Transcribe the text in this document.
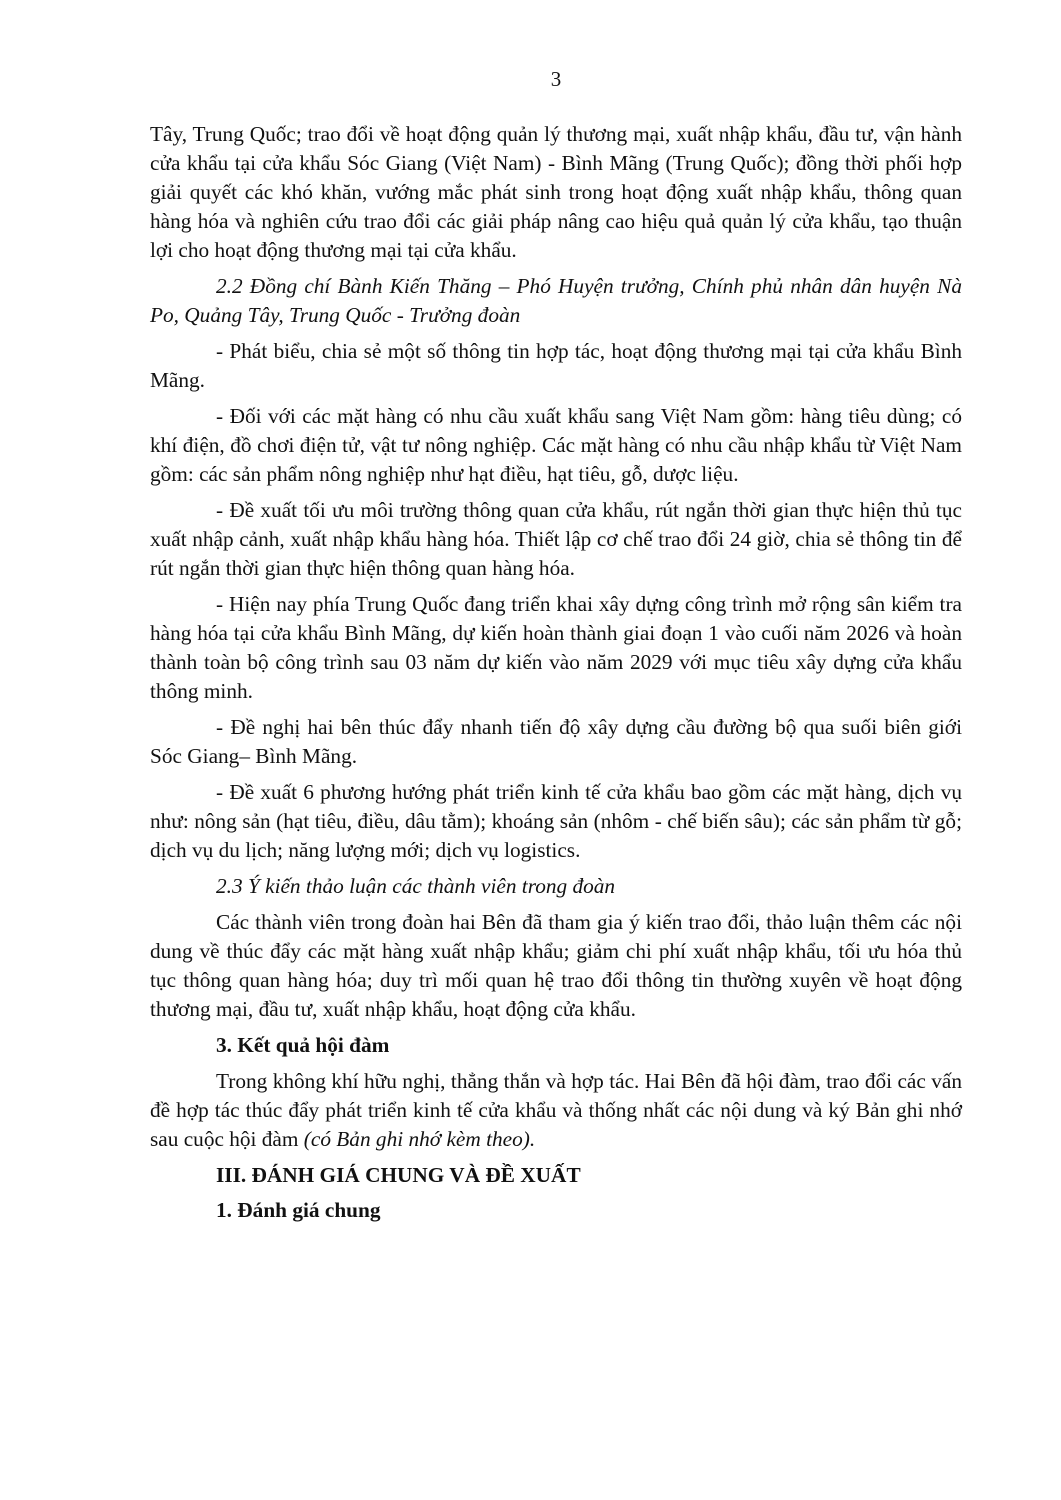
3

Tây, Trung Quốc; trao đổi về hoạt động quản lý thương mại, xuất nhập khẩu, đầu tư, vận hành cửa khẩu tại cửa khẩu Sóc Giang (Việt Nam) - Bình Mãng (Trung Quốc); đồng thời phối hợp giải quyết các khó khăn, vướng mắc phát sinh trong hoạt động xuất nhập khẩu, thông quan hàng hóa và nghiên cứu trao đổi các giải pháp nâng cao hiệu quả quản lý cửa khẩu, tạo thuận lợi cho hoạt động thương mại tại cửa khẩu.

2.2 Đồng chí Bành Kiến Thăng – Phó Huyện trưởng, Chính phủ nhân dân huyện Nà Po, Quảng Tây, Trung Quốc - Trưởng đoàn

- Phát biểu, chia sẻ một số thông tin hợp tác, hoạt động thương mại tại cửa khẩu Bình Mãng.

- Đối với các mặt hàng có nhu cầu xuất khẩu sang Việt Nam gồm: hàng tiêu dùng; có khí điện, đồ chơi điện tử, vật tư nông nghiệp. Các mặt hàng có nhu cầu nhập khẩu từ Việt Nam gồm: các sản phẩm nông nghiệp như hạt điều, hạt tiêu, gỗ, dược liệu.

- Đề xuất tối ưu môi trường thông quan cửa khẩu, rút ngắn thời gian thực hiện thủ tục xuất nhập cảnh, xuất nhập khẩu hàng hóa. Thiết lập cơ chế trao đổi 24 giờ, chia sẻ thông tin để rút ngắn thời gian thực hiện thông quan hàng hóa.

- Hiện nay phía Trung Quốc đang triển khai xây dựng công trình mở rộng sân kiểm tra hàng hóa tại cửa khẩu Bình Mãng, dự kiến hoàn thành giai đoạn 1 vào cuối năm 2026 và hoàn thành toàn bộ công trình sau 03 năm dự kiến vào năm 2029 với mục tiêu xây dựng cửa khẩu thông minh.

- Đề nghị hai bên thúc đẩy nhanh tiến độ xây dựng cầu đường bộ qua suối biên giới Sóc Giang– Bình Mãng.

- Đề xuất 6 phương hướng phát triển kinh tế cửa khẩu bao gồm các mặt hàng, dịch vụ như: nông sản (hạt tiêu, điều, dâu tằm); khoáng sản (nhôm - chế biến sâu); các sản phẩm từ gỗ; dịch vụ du lịch; năng lượng mới; dịch vụ logistics.

2.3 Ý kiến thảo luận các thành viên trong đoàn

Các thành viên trong đoàn hai Bên đã tham gia ý kiến trao đổi, thảo luận thêm các nội dung về thúc đẩy các mặt hàng xuất nhập khẩu; giảm chi phí xuất nhập khẩu, tối ưu hóa thủ tục thông quan hàng hóa; duy trì mối quan hệ trao đổi thông tin thường xuyên về hoạt động thương mại, đầu tư, xuất nhập khẩu, hoạt động cửa khẩu.

3. Kết quả hội đàm

Trong không khí hữu nghị, thẳng thắn và hợp tác. Hai Bên đã hội đàm, trao đổi các vấn đề hợp tác thúc đẩy phát triển kinh tế cửa khẩu và thống nhất các nội dung và ký Bản ghi nhớ sau cuộc hội đàm (có Bản ghi nhớ kèm theo).

III. ĐÁNH GIÁ CHUNG VÀ ĐỀ XUẤT

1. Đánh giá chung
